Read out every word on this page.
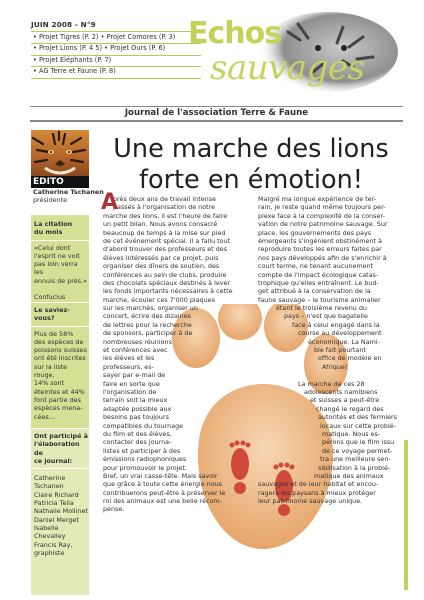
JUIN 2008 - N°9
• Projet Tigres (P. 2) • Projet Comores (P. 3)
• Projet Lions (P. 4 5) • Projet Ours (P. 6)
• Projet Eléphants (P. 7)
• AG Terre et Faune (P. 8)
Echos
sauvages
Journal de l'association Terre & Faune
EDITO
Catherine Tschanen
présidente
La citation
du mois
«Celui dont
l'esprit ne voit
pas loin verra les
ennuis de près.»
Confucius
Le saviez-vous?
Plus de 58%
des espèces de
poissons suisses
ont été inscrites
sur la liste rouge,
14% sont
éteintes et 44%
font partie des
espèces mena-
cées...
Ont participé à
l'élaboration de
ce journal:
Catherine
Tschanen
Claire Richard
Patricia Tella
Nathalie Mollinet
Daniel Merget
Isabelle
Chevalley
Francis Ray,
graphiste
Une marche des lions
forte en émotion!
A
près deux ans de travail intense
passés à l'organisation de notre
marche des lions, il est l'heure de faire
un petit bilan. Nous avons consacré
beaucoup de temps à la mise sur pied
de cet événement spécial. Il a fallu tout
d'abord trouver des professeurs et des
élèves intéressés par ce projet, puis
organiser des dîners de soutien, des
conférences au sein de clubs, produire
des chocolats spéciaux destinés à lever
les fonds importants nécessaires à cette
marche, écouler ces 7'000 plaques
sur les marchés, organiser un
concert, écrire des dizaines
de lettres pour la recherche
de sponsors, participer à de
nombreuses réunions
et conférences avec
les élèves et les
professeurs, es-
sayer par e-mail de
faire en sorte que
l'organisation de
terrain soit la mieux
adaptée possible aux
besoins pas toujours
compatibles du tournage
du film et des élèves,
contacter des journa-
listes et participer à des
émissions radiophoniques
pour promouvoir le projet.
Bref, un vrai casse-tête. Mais savoir
que grâce à toute cette énergie nous
contribuerons peut-être à préserver le
roi des animaux est une belle récom-
pense.
Malgré ma longue expérience de ter-
rain, je reste quand même toujours per-
plexe face à la complexité de la conser-
vation de notre patrimoine sauvage. Sur
place, les gouvernements des pays
émergeants s'ingénient obstinément à
reproduire toutes les erreurs faites par
nos pays développés afin de s'enrichir à
court terme, ne tenant aucunement
compte de l'impact écologique catas-
trophique qu'elles entraînent. Le bud-
get attribué à la conservation de la
faune sauvage – le tourisme animalier
étant le troisième revenu du
pays – n'est que bagatelle
face à celui engagé dans la
course au développement
économique. La Nami-
bie fait pourtant
office de modèle en
Afrique!
La marche de ces 28
adolescents namibiens
et suisses a peut-être
changé le regard des
autorités et des fermiers
locaux sur cette problé-
matique. Nous es-
pérons que le film issu
de ce voyage permet-
tra une meilleure sen-
sibilisation à la problé-
matique des animaux
sauvages et de leur habitat et encou-
ragera les paysans à mieux protéger
leur patrimoine sauvage unique.
